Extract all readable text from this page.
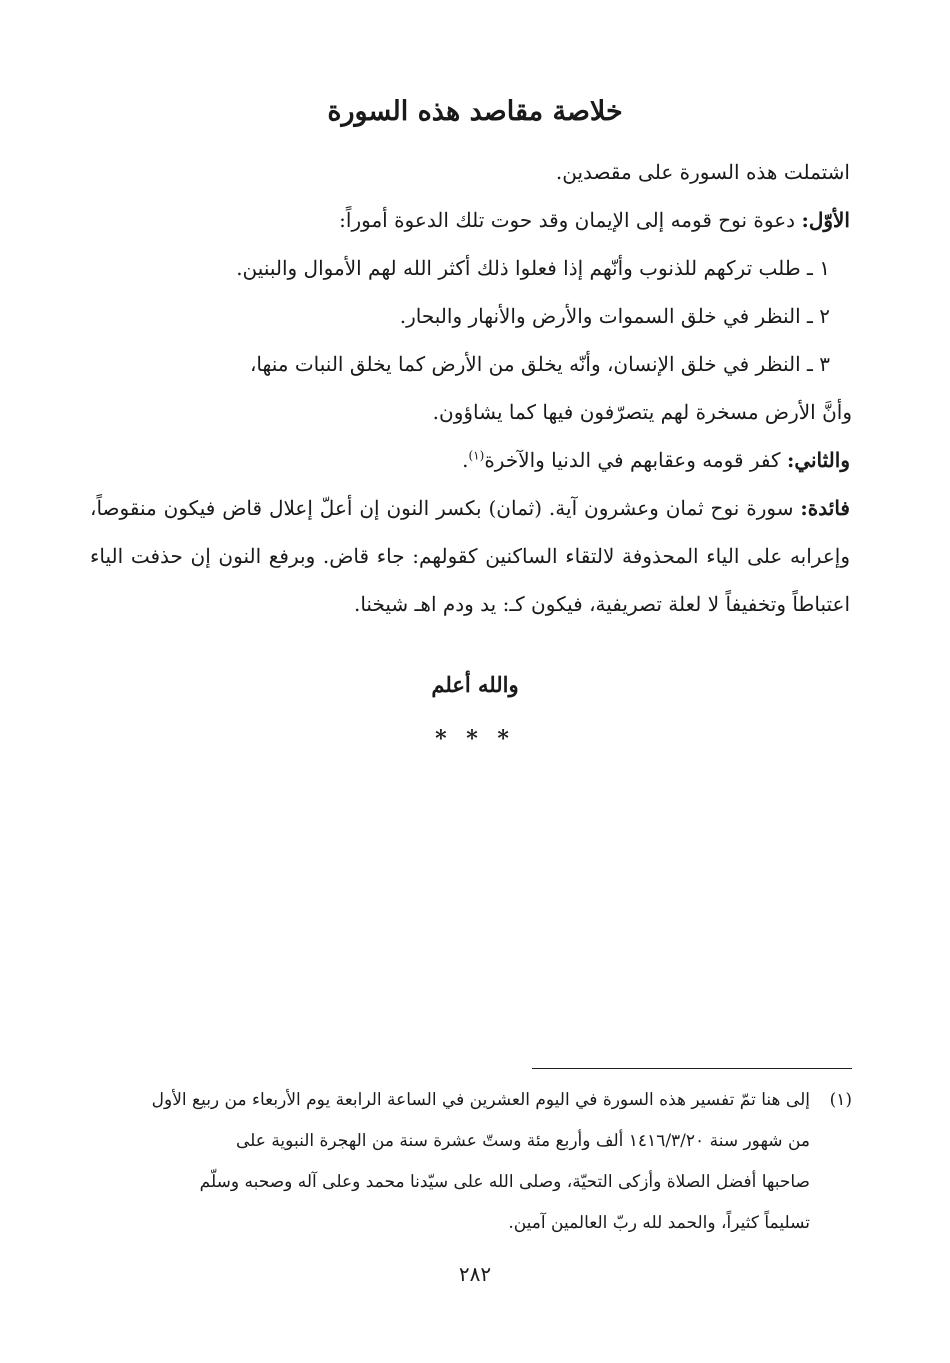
خلاصة مقاصد هذه السورة

اشتملت هذه السورة على مقصدين.

الأوّل: دعوة نوح قومه إلى الإيمان وقد حوت تلك الدعوة أموراً:

١ ـ طلب تركهم للذنوب وأنّهم إذا فعلوا ذلك أكثر الله لهم الأموال والبنين.

٢ ـ النظر في خلق السموات والأرض والأنهار والبحار.

٣ ـ النظر في خلق الإنسان، وأنّه يخلق من الأرض كما يخلق النبات منها،

وأنَّ الأرض مسخرة لهم يتصرّفون فيها كما يشاؤون.

والثاني: كفر قومه وعقابهم في الدنيا والآخرة$^{(١)}$.

فائدة: سورة نوح ثمان وعشرون آية. (ثمان) بكسر النون إن أعلّ إعلال قاض فيكون منقوصاً، وإعرابه على الياء المحذوفة لالتقاء الساكنين كقولهم: جاء قاض. وبرفع النون إن حذفت الياء اعتباطاً وتخفيفاً لا لعلة تصريفية، فيكون كـ: يد ودم اهـ شيخنا.

والله أعلم
* * *

(١)إلى هنا تمّ تفسير هذه السورة في اليوم العشرين في الساعة الرابعة يوم الأربعاء من ربيع الأول

من شهور سنة ١٤١٦/٣/٢٠ ألف وأربع مئة وستّ عشرة سنة من الهجرة النبوية على

صاحبها أفضل الصلاة وأزكى التحيّة، وصلى الله على سيّدنا محمد وعلى آله وصحبه وسلّم

تسليماً كثيراً، والحمد لله ربّ العالمين آمين.

٢٨٢
